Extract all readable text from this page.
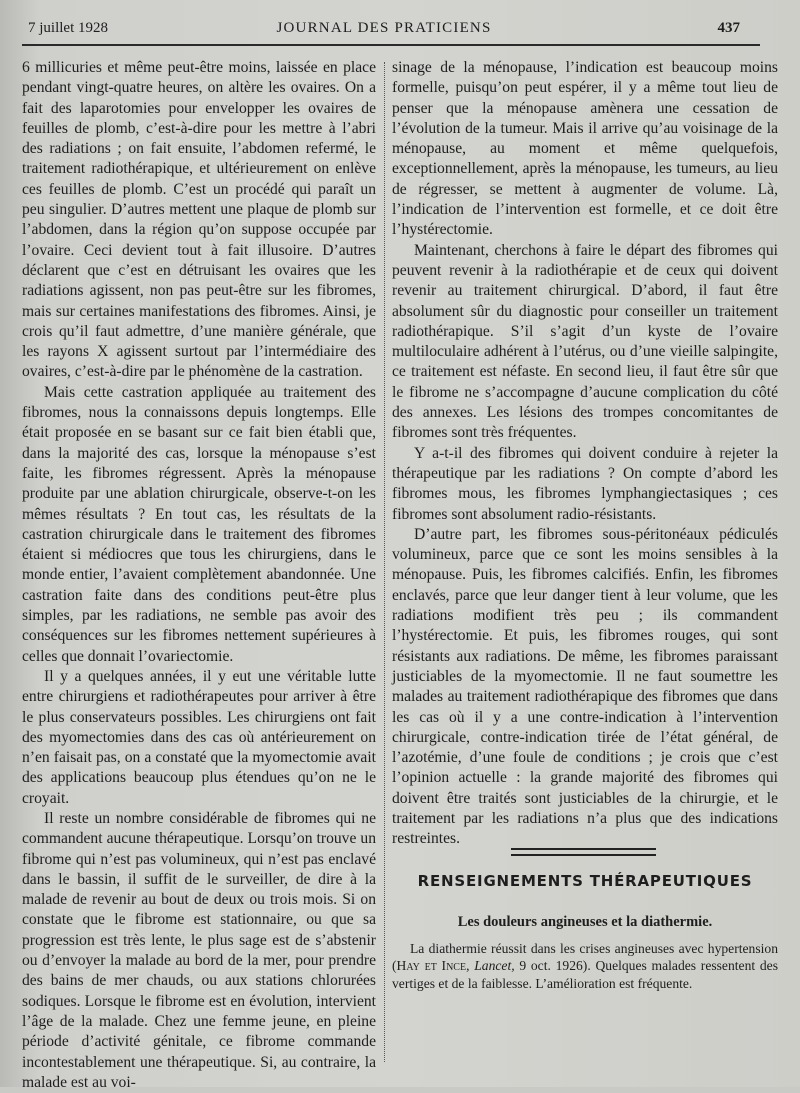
7 juillet 1928	JOURNAL DES PRATICIENS	437

6 millicuries et même peut-être moins, laissée en place pendant vingt-quatre heures, on altère les ovaires. On a fait des laparotomies pour envelopper les ovaires de feuilles de plomb, c’est-à-dire pour les mettre à l’abri des radiations ; on fait ensuite, l’abdomen refermé, le traitement radiothérapique, et ultérieurement on enlève ces feuilles de plomb. C’est un procédé qui paraît un peu singulier. D’autres mettent une plaque de plomb sur l’abdomen, dans la région qu’on suppose occupée par l’ovaire. Ceci devient tout à fait illusoire. D’autres déclarent que c’est en détruisant les ovaires que les radiations agissent, non pas peut-être sur les fibromes, mais sur certaines manifestations des fibromes. Ainsi, je crois qu’il faut admettre, d’une manière générale, que les rayons X agissent surtout par l’intermédiaire des ovaires, c’est-à-dire par le phénomène de la castration.

Mais cette castration appliquée au traitement des fibromes, nous la connaissons depuis longtemps. Elle était proposée en se basant sur ce fait bien établi que, dans la majorité des cas, lorsque la ménopause s’est faite, les fibromes régressent. Après la ménopause produite par une ablation chirurgicale, observe-t-on les mêmes résultats ? En tout cas, les résultats de la castration chirurgicale dans le traitement des fibromes étaient si médiocres que tous les chirurgiens, dans le monde entier, l’avaient complètement abandonnée. Une castration faite dans des conditions peut-être plus simples, par les radiations, ne semble pas avoir des conséquences sur les fibromes nettement supérieures à celles que donnait l’ovariectomie.

Il y a quelques années, il y eut une véritable lutte entre chirurgiens et radiothérapeutes pour arriver à être le plus conservateurs possibles. Les chirurgiens ont fait des myomectomies dans des cas où antérieurement on n’en faisait pas, on a constaté que la myomectomie avait des applications beaucoup plus étendues qu’on ne le croyait.

Il reste un nombre considérable de fibromes qui ne commandent aucune thérapeutique. Lorsqu’on trouve un fibrome qui n’est pas volumineux, qui n’est pas enclavé dans le bassin, il suffit de le surveiller, de dire à la malade de revenir au bout de deux ou trois mois. Si on constate que le fibrome est stationnaire, ou que sa progression est très lente, le plus sage est de s’abstenir ou d’envoyer la malade au bord de la mer, pour prendre des bains de mer chauds, ou aux stations chlorurées sodiques. Lorsque le fibrome est en évolution, intervient l’âge de la malade. Chez une femme jeune, en pleine période d’activité génitale, ce fibrome commande incontestablement une thérapeutique. Si, au contraire, la malade est au voi-

sinage de la ménopause, l’indication est beaucoup moins formelle, puisqu’on peut espérer, il y a même tout lieu de penser que la ménopause amènera une cessation de l’évolution de la tumeur. Mais il arrive qu’au voisinage de la ménopause, au moment et même quelquefois, exceptionnellement, après la ménopause, les tumeurs, au lieu de régresser, se mettent à augmenter de volume. Là, l’indication de l’intervention est formelle, et ce doit être l’hystérectomie.

Maintenant, cherchons à faire le départ des fibromes qui peuvent revenir à la radiothérapie et de ceux qui doivent revenir au traitement chirurgical. D’abord, il faut être absolument sûr du diagnostic pour conseiller un traitement radiothérapique. S’il s’agit d’un kyste de l’ovaire multiloculaire adhérent à l’utérus, ou d’une vieille salpingite, ce traitement est néfaste. En second lieu, il faut être sûr que le fibrome ne s’accompagne d’aucune complication du côté des annexes. Les lésions des trompes concomitantes de fibromes sont très fréquentes.

Y a-t-il des fibromes qui doivent conduire à rejeter la thérapeutique par les radiations ? On compte d’abord les fibromes mous, les fibromes lymphangiectasiques ; ces fibromes sont absolument radio-résistants.

D’autre part, les fibromes sous-péritonéaux pédiculés volumineux, parce que ce sont les moins sensibles à la ménopause. Puis, les fibromes calcifiés. Enfin, les fibromes enclavés, parce que leur danger tient à leur volume, que les radiations modifient très peu ; ils commandent l’hystérectomie. Et puis, les fibromes rouges, qui sont résistants aux radiations. De même, les fibromes paraissant justiciables de la myomectomie. Il ne faut soumettre les malades au traitement radiothérapique des fibromes que dans les cas où il y a une contre-indication à l’intervention chirurgicale, contre-indication tirée de l’état général, de l’azotémie, d’une foule de conditions ; je crois que c’est l’opinion actuelle : la grande majorité des fibromes qui doivent être traités sont justiciables de la chirurgie, et le traitement par les radiations n’a plus que des indications restreintes.

RENSEIGNEMENTS THÉRAPEUTIQUES
Les douleurs angineuses et la diathermie.

La diathermie réussit dans les crises angineuses avec hypertension (Hay et Ince, Lancet, 9 oct. 1926). Quelques malades ressentent des vertiges et de la faiblesse. L’amélioration est fréquente.
